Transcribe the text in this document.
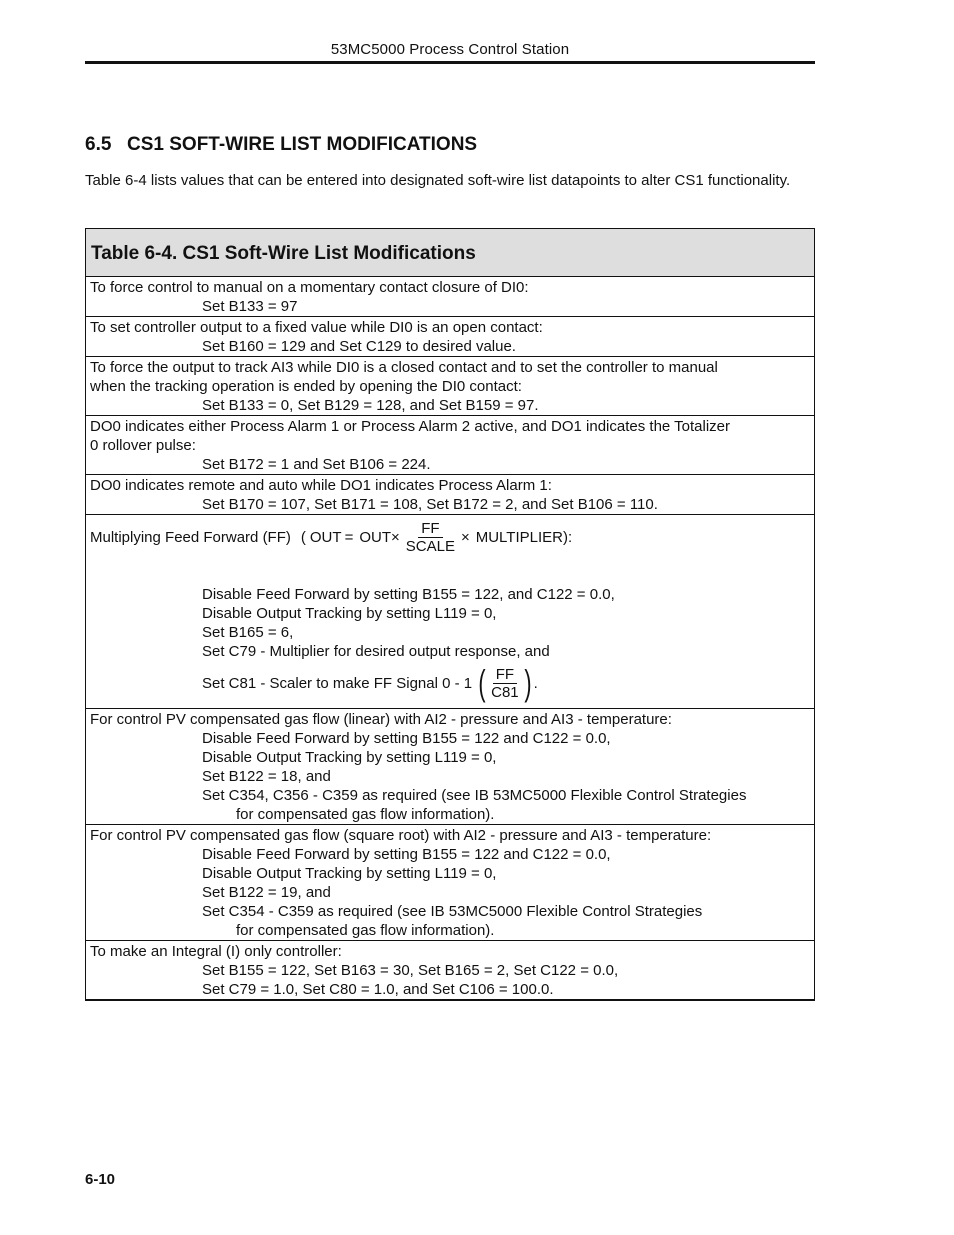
53MC5000 Process Control Station
6.5 CS1 SOFT-WIRE LIST MODIFICATIONS

Table 6-4 lists values that can be entered into designated soft-wire list datapoints to alter CS1 functionality.

Table 6-4. CS1 Soft-Wire List Modifications
To force control to manual on a momentary contact closure of DI0:
Set B133 = 97
To set controller output to a fixed value while DI0 is an open contact:
Set B160 = 129 and Set C129 to desired value.
To force the output to track AI3 while DI0 is a closed contact and to set the controller to manual
when the tracking operation is ended by opening the DI0 contact:
Set B133 = 0, Set B129 = 128, and Set B159 = 97.
DO0 indicates either Process Alarm 1 or Process Alarm 2 active, and DO1 indicates the Totalizer
0 rollover pulse:
Set B172 = 1 and Set B106 = 224.
DO0 indicates remote and auto while DO1 indicates Process Alarm 1:
Set B170 = 107, Set B171 = 108, Set B172 = 2, and Set B106 = 110.
Multiplying Feed Forward (FF) ( OUT = OUT × $\frac{FF}{\text{SCALE}}$ × MULTIPLIER ):
Disable Feed Forward by setting B155 = 122, and C122 = 0.0,
Disable Output Tracking by setting L119 = 0,
Set B165 = 6,
Set C79 - Multiplier for desired output response, and
Set C81 - Scaler to make FF Signal 0 - 1 ( $\frac{FF}{C81}$ ) .
For control PV compensated gas flow (linear) with AI2 - pressure and AI3 - temperature:
Disable Feed Forward by setting B155 = 122 and C122 = 0.0,
Disable Output Tracking by setting L119 = 0,
Set B122 = 18, and
Set C354, C356 - C359 as required (see IB 53MC5000 Flexible Control Strategies
for compensated gas flow information).
For control PV compensated gas flow (square root) with AI2 - pressure and AI3 - temperature:
Disable Feed Forward by setting B155 = 122 and C122 = 0.0,
Disable Output Tracking by setting L119 = 0,
Set B122 = 19, and
Set C354 - C359 as required (see IB 53MC5000 Flexible Control Strategies
for compensated gas flow information).
To make an Integral (I) only controller:
Set B155 = 122, Set B163 = 30, Set B165 = 2, Set C122 = 0.0,
Set C79 = 1.0, Set C80 = 1.0, and Set C106 = 100.0.
6-10
